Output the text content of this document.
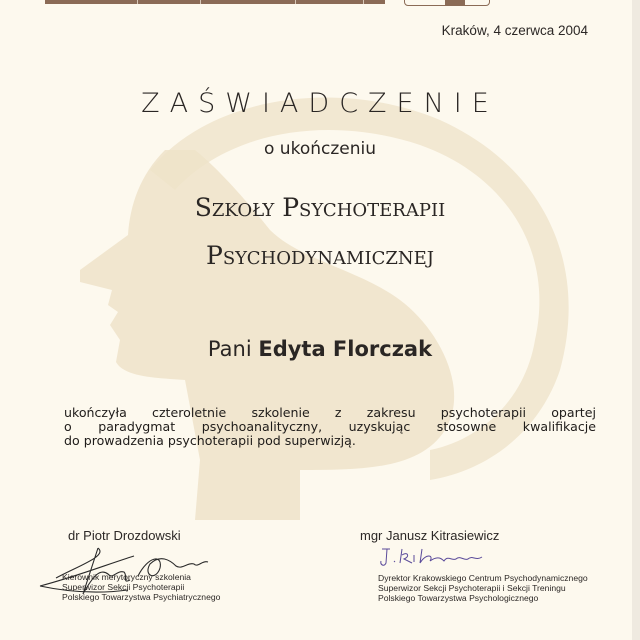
Kraków, 4 czerwca 2004
ZAŚWIADCZENIE
o ukończeniu
Szkoły Psychoterapii
Psychodynamicznej
Pani Edyta Florczak
ukończyła czteroletnie szkolenie z zakresu psychoterapii opartej
o paradygmat psychoanalityczny, uzyskując stosowne kwalifikacje
do prowadzenia psychoterapii pod superwizją.
dr Piotr Drozdowski
Kierownik merytoryczny szkolenia
Superwizor Sekcji Psychoterapii
Polskiego Towarzystwa Psychiatrycznego
mgr Janusz Kitrasiewicz
Dyrektor Krakowskiego Centrum Psychodynamicznego
Superwizor Sekcji Psychoterapii i Sekcji Treningu
Polskiego Towarzystwa Psychologicznego
